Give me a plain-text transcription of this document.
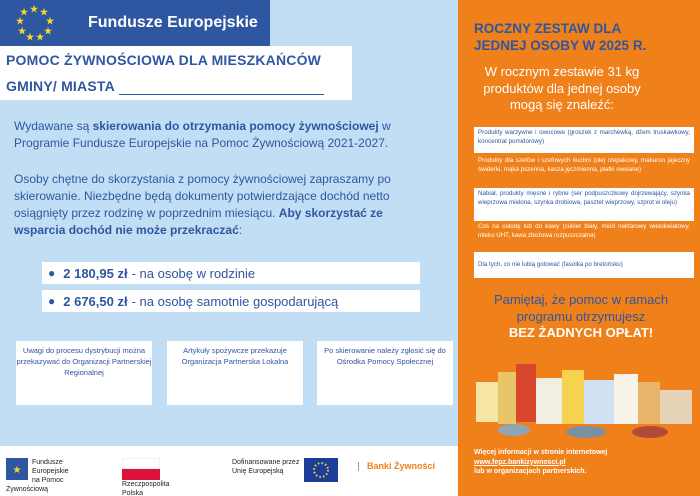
★ ★
★
★
★
★
★
★
★
Fundusze Europejskie
POMOC ŻYWNOŚCIOWA DLA MIESZKAŃCÓW
GMINY/ MIASTA

Wydawane są skierowania do otrzymania pomocy żywnościowej w Programie Fundusze Europejskie na Pomoc Żywnościową 2021-2027.

Osoby chętne do skorzystania z pomocy żywnościowej zapraszamy po skierowanie. Niezbędne będą dokumenty potwierdzające dochód netto osiągnięty przez rodzinę w poprzednim miesiącu. Aby skorzystać ze wsparcia dochód nie może przekraczać:

● 2 180,95 zł - na osobę w rodzinie
● 2 676,50 zł - na osobę samotnie gospodarującą
Uwagi do procesu dystrybucji można przekazywać do Organizacji Partnerskiej Regionalnej
Artykuły spożywcze przekazuje Organizacja Partnerska Lokalna
Po skierowanie należy zgłosić się do Ośrodka Pomocy Społecznej
ROCZNY ZESTAW DLA JEDNEJ OSOBY W 2025 R.
W rocznym zestawie 31 kg produktów dla jednej osoby mogą się znaleźć:
Produkty warzywne i owocowe (groszek z marchewką, dżem truskawkowy, koncentrat pomidorowy)
Produkty dla szefów i szefowych kuchni (olej rzepakowy, makaron jajeczny świderki, mąka pszenna, kasza jęczmienna, płatki owsiane)
Nabiał, produkty mięsne i rybne (ser podpuszczkowy dojrzewający, szynka wieprzowa mielona, szynka drobiowa, pasztet wieprzowy, szprot w oleju)
Coś na osłodę lub do kawy (cukier biały, miód nektarowy wielokwiatowy, mleko UHT, kawa zbożowa rozpuszczalna)
Dla tych, co nie lubią gotować (fasolka po bretońsku)
Pamiętaj, że pomoc w ramach programu otrzymujesz
BEZ ŻADNYCH OPŁAT!
★
Fundusze Europejskie
na Pomoc Żywnościową
Rzeczpospolita
Polska
Dofinansowane przez
Unię Europejską
Banki Żywności
Więcej informacji w stronie internetowej
www.fepz.bankizywnosci.pl
lub w organizacjach partnerskich.
